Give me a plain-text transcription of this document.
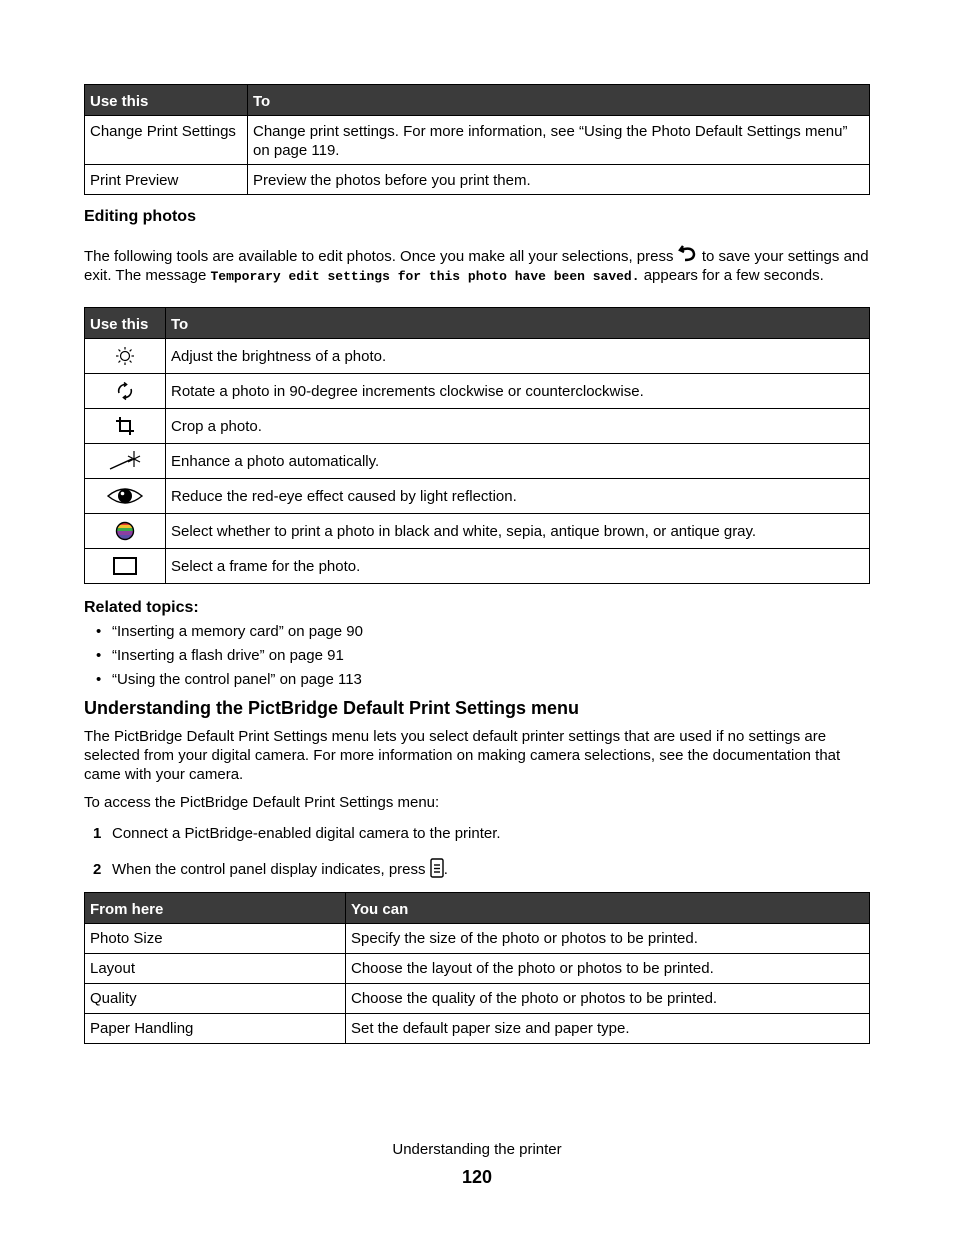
Use this	To
Change Print Settings	Change print settings. For more information, see “Using the Photo Default Settings menu” on page 119.
Print Preview	Preview the photos before you print them.
Editing photos

The following tools are available to edit photos. Once you make all your selections, press to save your settings and exit. The message Temporary edit settings for this photo have been saved. appears for a few seconds.

Use this	To

	Adjust the brightness of a photo.

	Rotate a photo in 90-degree increments clockwise or counterclockwise.

	Crop a photo.

	Enhance a photo automatically.

	Reduce the red-eye effect caused by light reflection.

	Select whether to print a photo in black and white, sepia, antique brown, or antique gray.

	Select a frame for the photo.
Related topics:
• “Inserting a memory card” on page 90
• “Inserting a flash drive” on page 91
• “Using the control panel” on page 113
Understanding the PictBridge Default Print Settings menu

The PictBridge Default Print Settings menu lets you select default printer settings that are used if no settings are selected from your digital camera. For more information on making camera selections, see the documentation that came with your camera.

To access the PictBridge Default Print Settings menu:

1 Connect a PictBridge-enabled digital camera to the printer.
2 When the control panel display indicates, press .
From here	You can
Photo Size	Specify the size of the photo or photos to be printed.
Layout	Choose the layout of the photo or photos to be printed.
Quality	Choose the quality of the photo or photos to be printed.
Paper Handling	Set the default paper size and paper type.
Understanding the printer
120
